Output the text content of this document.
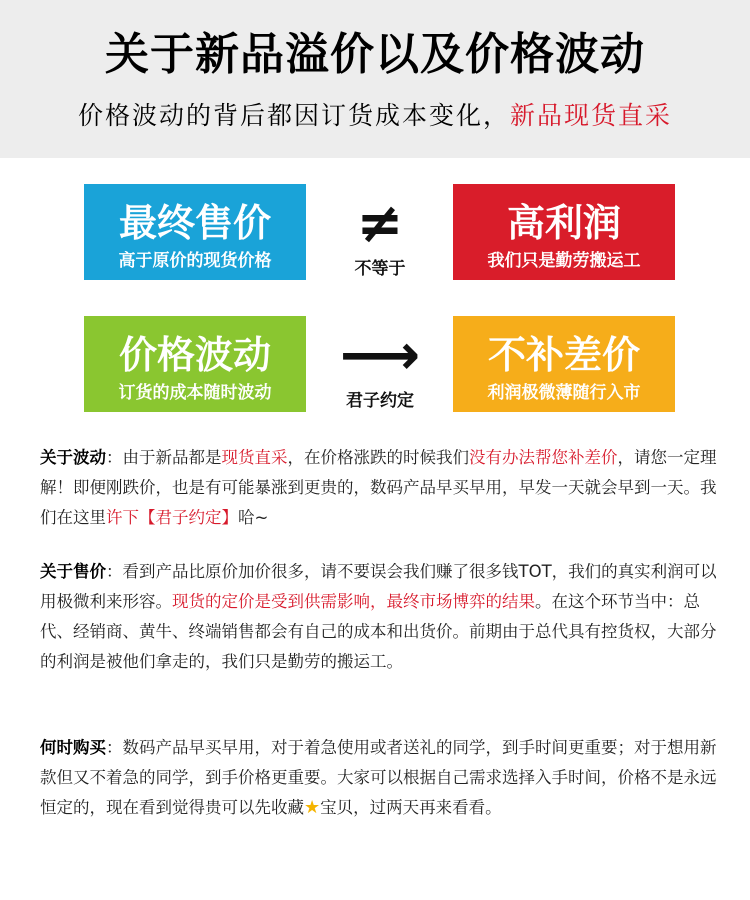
关于新品溢价以及价格波动
价格波动的背后都因订货成本变化，新品现货直采
最终售价
高于原价的现货价格
≠
不等于
高利润
我们只是勤劳搬运工
价格波动
订货的成本随时波动
⟶
君子约定
不补差价
利润极微薄随行入市
关于波动：由于新品都是现货直采，在价格涨跌的时候我们没有办法帮您补差价，请您一定理解！即便刚跌价，也是有可能暴涨到更贵的，数码产品早买早用，早发一天就会早到一天。我们在这里许下【君子约定】哈~
关于售价：看到产品比原价加价很多，请不要误会我们赚了很多钱TOT，我们的真实利润可以用极微利来形容。现货的定价是受到供需影响，最终市场博弈的结果。在这个环节当中：总代、经销商、黄牛、终端销售都会有自己的成本和出货价。前期由于总代具有控货权，大部分的利润是被他们拿走的，我们只是勤劳的搬运工。
何时购买：数码产品早买早用，对于着急使用或者送礼的同学，到手时间更重要；对于想用新款但又不着急的同学，到手价格更重要。大家可以根据自己需求选择入手时间，价格不是永远恒定的，现在看到觉得贵可以先收藏★宝贝，过两天再来看看。
